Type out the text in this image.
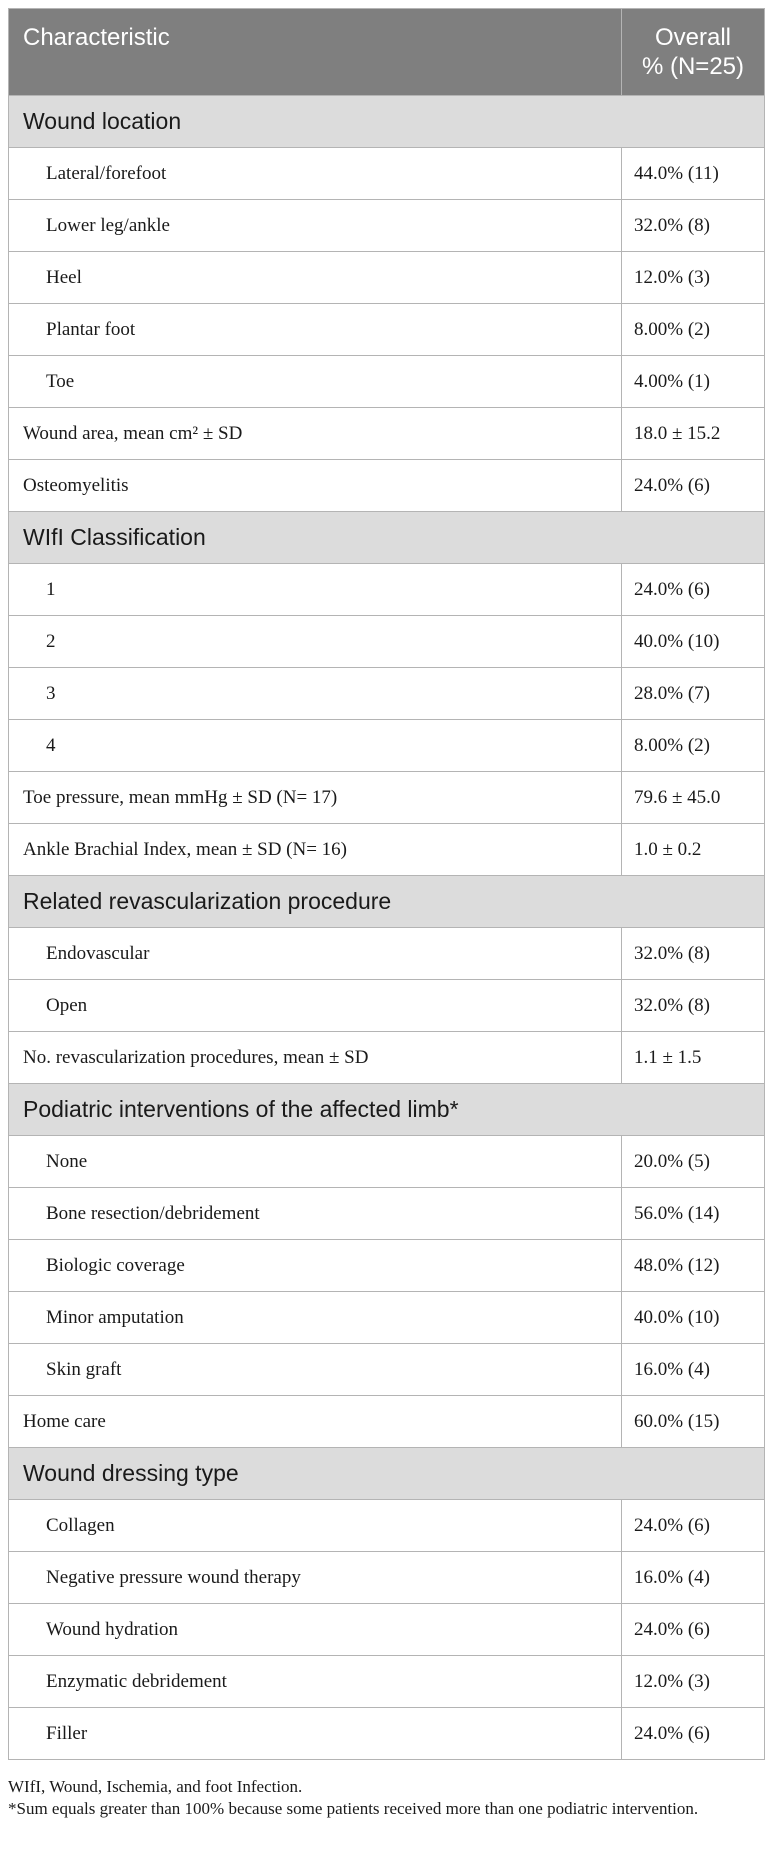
Characteristic	Overall
% (N=25)

Wound location	
Lateral/forefoot	44.0% (11)
Lower leg/ankle	32.0% (8)
Heel	12.0% (3)
Plantar foot	8.00% (2)
Toe	4.00% (1)
Wound area, mean cm² ± SD	18.0 ± 15.2
Osteomyelitis	24.0% (6)
WIfI Classification	
1	24.0% (6)
2	40.0% (10)
3	28.0% (7)
4	8.00% (2)
Toe pressure, mean mmHg ± SD (N= 17)	79.6 ± 45.0
Ankle Brachial Index, mean ± SD (N= 16)	1.0 ± 0.2
Related revascularization procedure	
Endovascular	32.0% (8)
Open	32.0% (8)
No. revascularization procedures, mean ± SD	1.1 ± 1.5
Podiatric interventions of the affected limb*	
None	20.0% (5)
Bone resection/debridement	56.0% (14)
Biologic coverage	48.0% (12)
Minor amputation	40.0% (10)
Skin graft	16.0% (4)
Home care	60.0% (15)
Wound dressing type	
Collagen	24.0% (6)
Negative pressure wound therapy	16.0% (4)
Wound hydration	24.0% (6)
Enzymatic debridement	12.0% (3)
Filler	24.0% (6)

WIfI, Wound, Ischemia, and foot Infection.

*Sum equals greater than 100% because some patients received more than one podiatric intervention.
